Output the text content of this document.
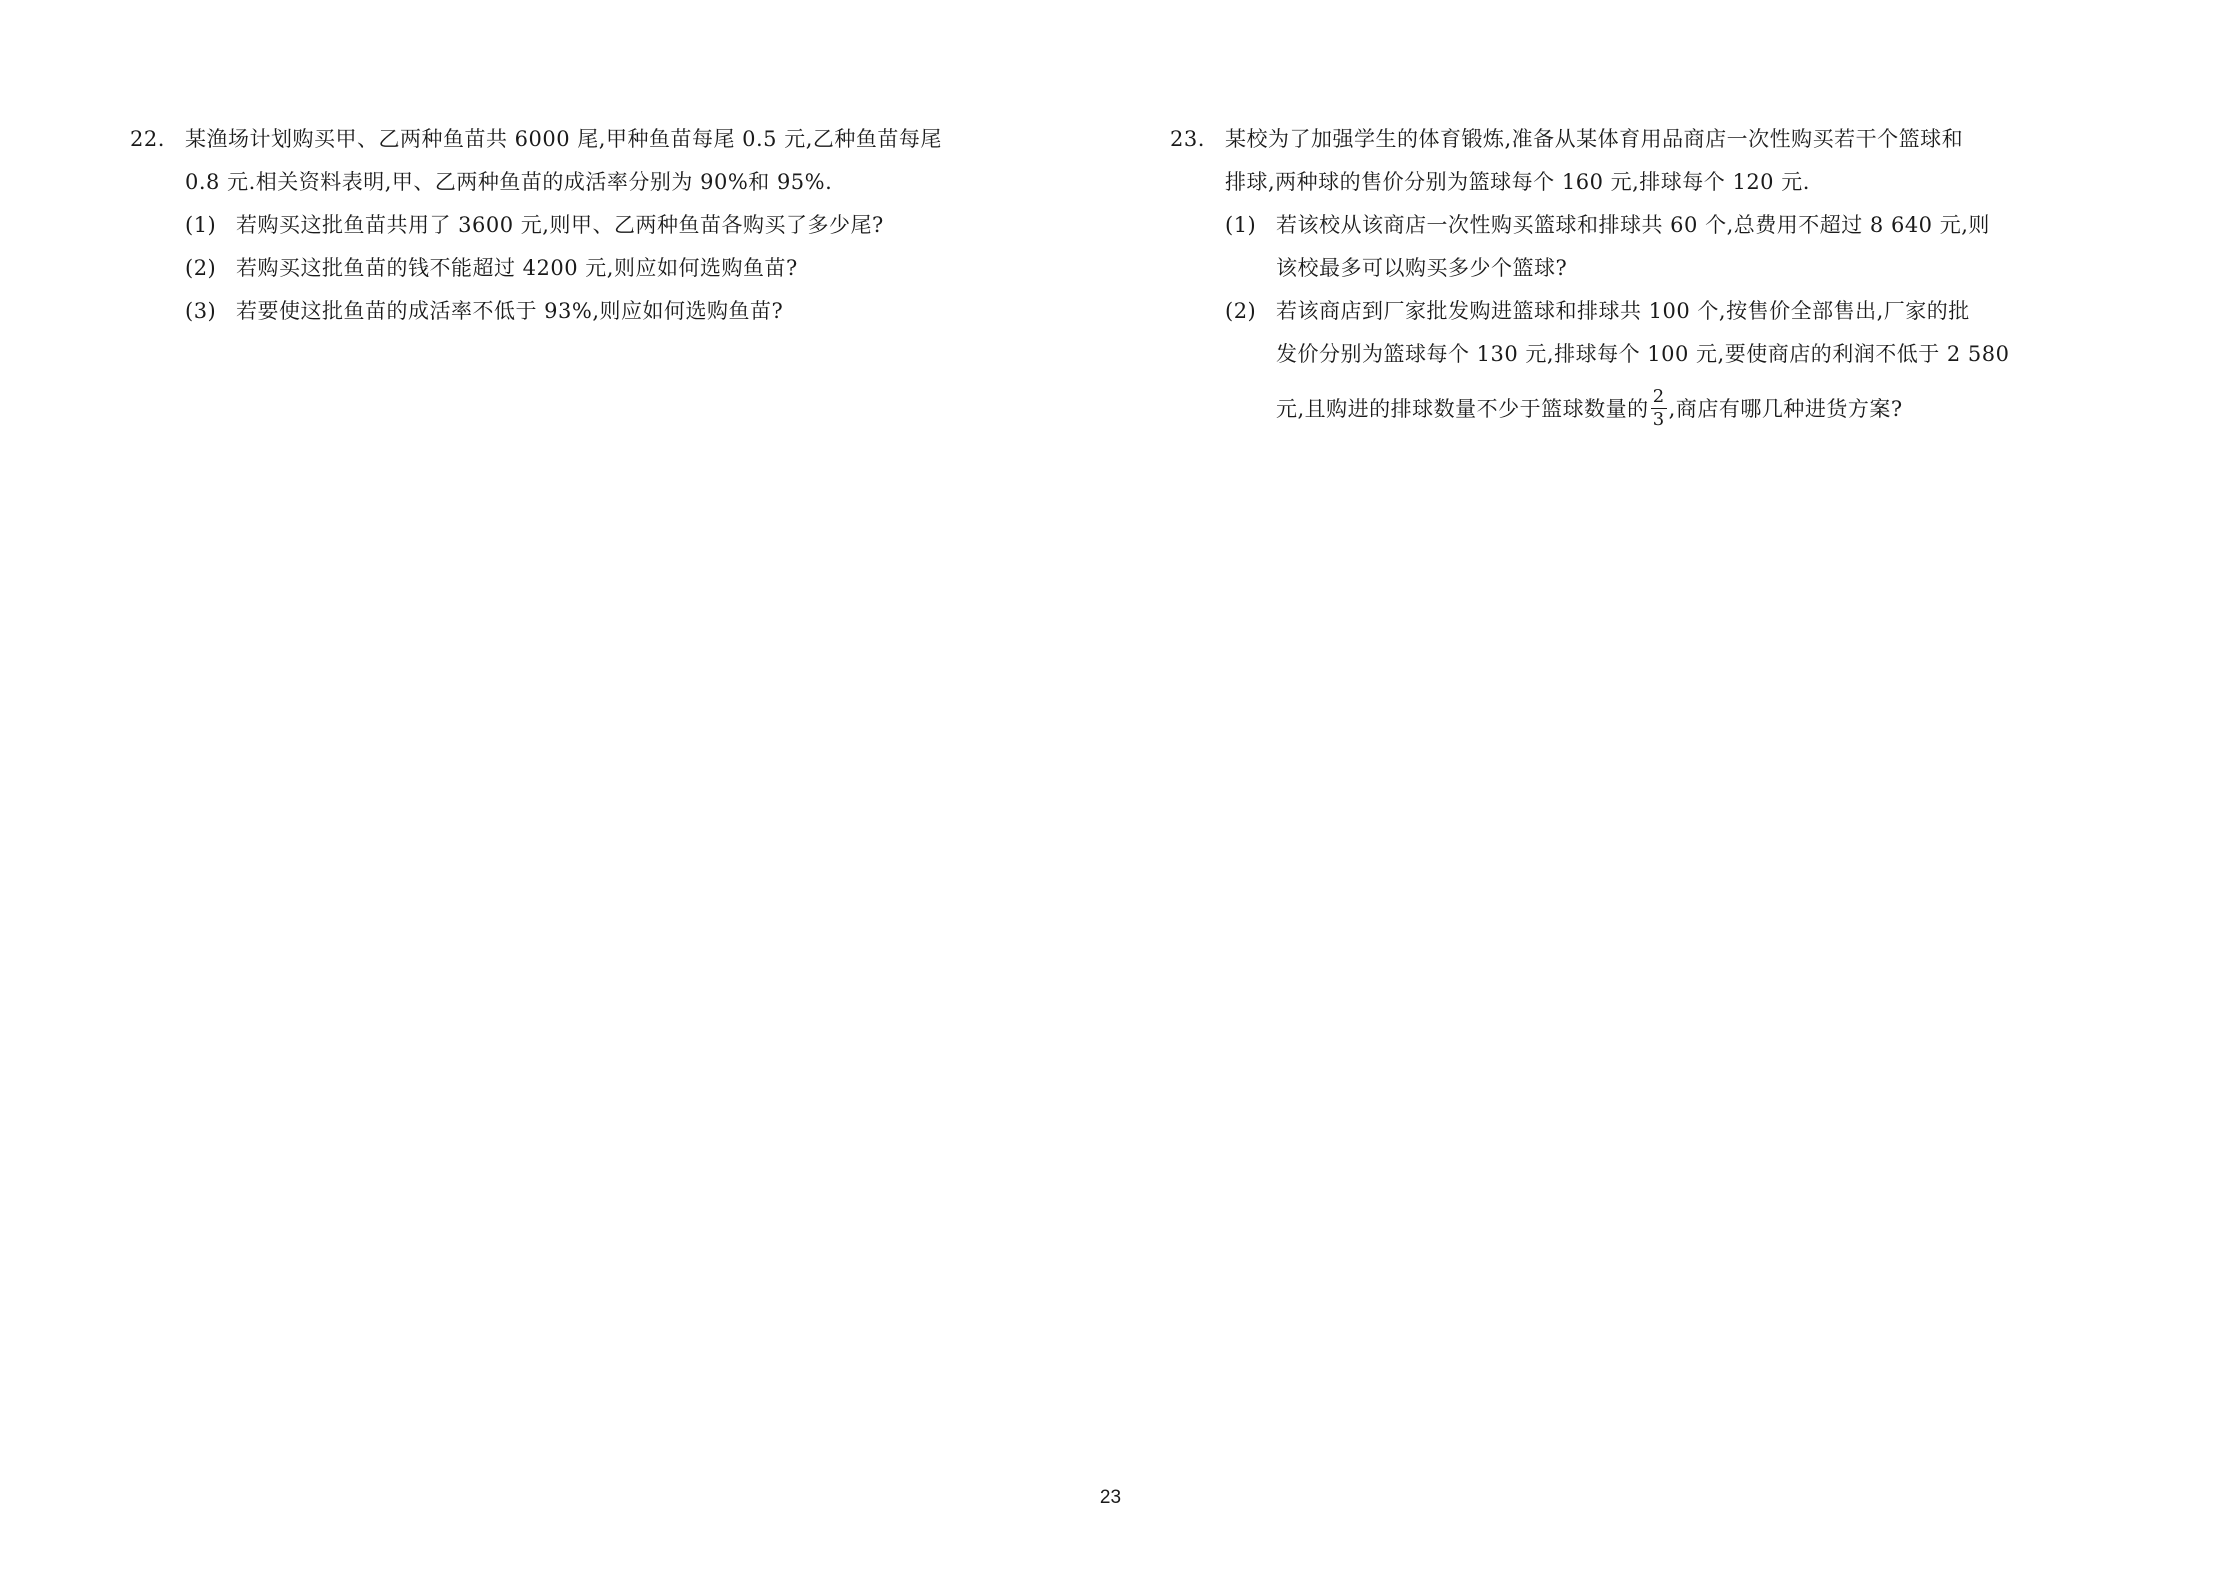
22. 某渔场计划购买甲、乙两种鱼苗共 6000 尾,甲种鱼苗每尾 0.5 元,乙种鱼苗每尾
0.8 元.相关资料表明,甲、乙两种鱼苗的成活率分别为 90%和 95%.
(1) 若购买这批鱼苗共用了 3600 元,则甲、乙两种鱼苗各购买了多少尾?
(2) 若购买这批鱼苗的钱不能超过 4200 元,则应如何选购鱼苗?
(3) 若要使这批鱼苗的成活率不低于 93%,则应如何选购鱼苗?
23. 某校为了加强学生的体育锻炼,准备从某体育用品商店一次性购买若干个篮球和
排球,两种球的售价分别为篮球每个 160 元,排球每个 120 元.
(1) 若该校从该商店一次性购买篮球和排球共 60 个,总费用不超过 8 640 元,则
该校最多可以购买多少个篮球?
(2) 若该商店到厂家批发购进篮球和排球共 100 个,按售价全部售出,厂家的批
发价分别为篮球每个 130 元,排球每个 100 元,要使商店的利润不低于 2 580
元,且购进的排球数量不少于篮球数量的 $\frac{2}{3}$ ,商店有哪几种进货方案?
23
